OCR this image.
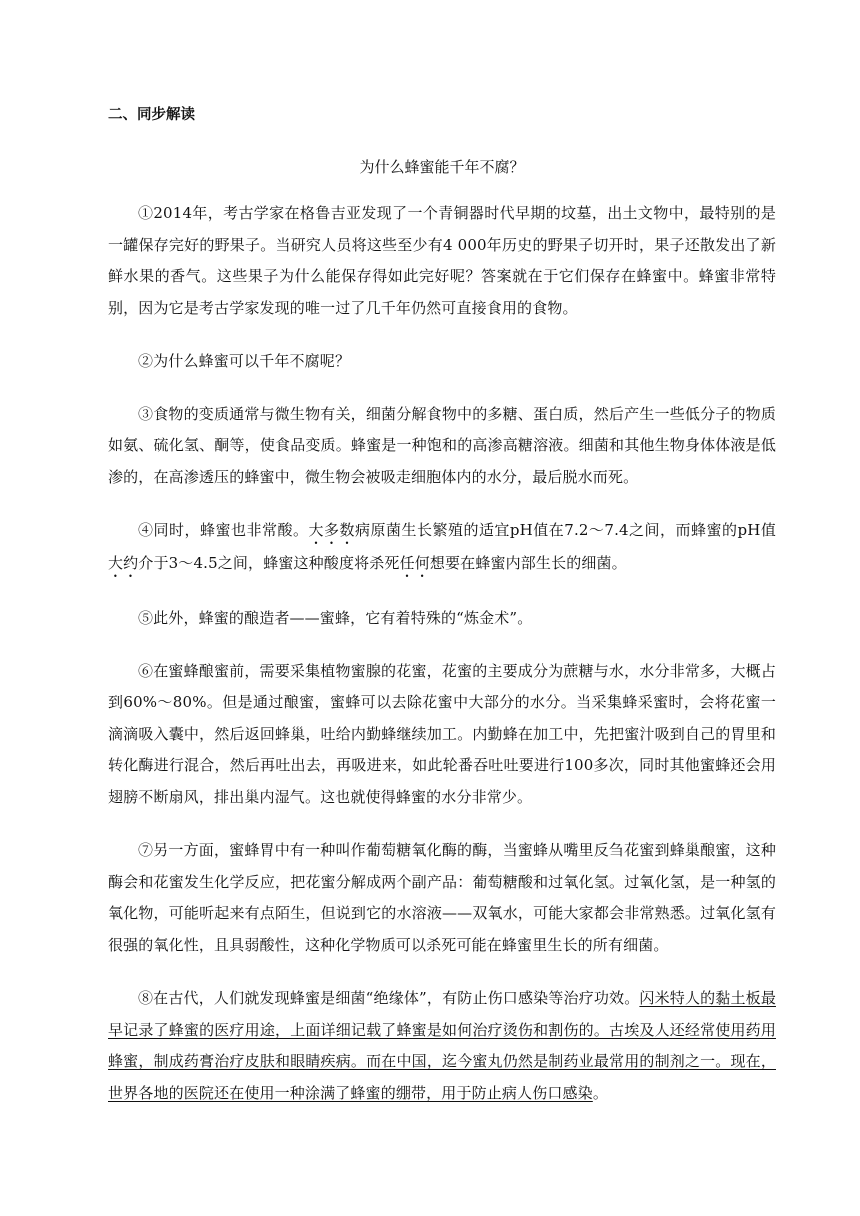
二、同步解读
为什么蜂蜜能千年不腐？

①2014年，考古学家在格鲁吉亚发现了一个青铜器时代早期的坟墓，出土文物中，最特别的是一罐保存完好的野果子。当研究人员将这些至少有4 000年历史的野果子切开时，果子还散发出了新鲜水果的香气。这些果子为什么能保存得如此完好呢？答案就在于它们保存在蜂蜜中。蜂蜜非常特别，因为它是考古学家发现的唯一过了几千年仍然可直接食用的食物。

②为什么蜂蜜可以千年不腐呢？

③食物的变质通常与微生物有关，细菌分解食物中的多糖、蛋白质，然后产生一些低分子的物质如氨、硫化氢、酮等，使食品变质。蜂蜜是一种饱和的高渗高糖溶液。细菌和其他生物身体体液是低渗的，在高渗透压的蜂蜜中，微生物会被吸走细胞体内的水分，最后脱水而死。

④同时，蜂蜜也非常酸。大多数病原菌生长繁殖的适宜pH值在7.2～7.4之间，而蜂蜜的pH值大约介于3～4.5之间，蜂蜜这种酸度将杀死任何想要在蜂蜜内部生长的细菌。

⑤此外，蜂蜜的酿造者——蜜蜂，它有着特殊的“炼金术”。

⑥在蜜蜂酿蜜前，需要采集植物蜜腺的花蜜，花蜜的主要成分为蔗糖与水，水分非常多，大概占到60%～80%。但是通过酿蜜，蜜蜂可以去除花蜜中大部分的水分。当采集蜂采蜜时，会将花蜜一滴滴吸入囊中，然后返回蜂巢，吐给内勤蜂继续加工。内勤蜂在加工中，先把蜜汁吸到自己的胃里和转化酶进行混合，然后再吐出去，再吸进来，如此轮番吞吐吐要进行100多次，同时其他蜜蜂还会用翅膀不断扇风，排出巢内湿气。这也就使得蜂蜜的水分非常少。

⑦另一方面，蜜蜂胃中有一种叫作葡萄糖氧化酶的酶，当蜜蜂从嘴里反刍花蜜到蜂巢酿蜜，这种酶会和花蜜发生化学反应，把花蜜分解成两个副产品：葡萄糖酸和过氧化氢。过氧化氢，是一种氢的氧化物，可能听起来有点陌生，但说到它的水溶液——双氧水，可能大家都会非常熟悉。过氧化氢有很强的氧化性，且具弱酸性，这种化学物质可以杀死可能在蜂蜜里生长的所有细菌。

⑧在古代，人们就发现蜂蜜是细菌“绝缘体”，有防止伤口感染等治疗功效。闪米特人的黏土板最早记录了蜂蜜的医疗用途，上面详细记载了蜂蜜是如何治疗烫伤和割伤的。古埃及人还经常使用药用蜂蜜，制成药膏治疗皮肤和眼睛疾病。而在中国，迄今蜜丸仍然是制药业最常用的制剂之一。现在，世界各地的医院还在使用一种涂满了蜂蜜的绷带，用于防止病人伤口感染。
